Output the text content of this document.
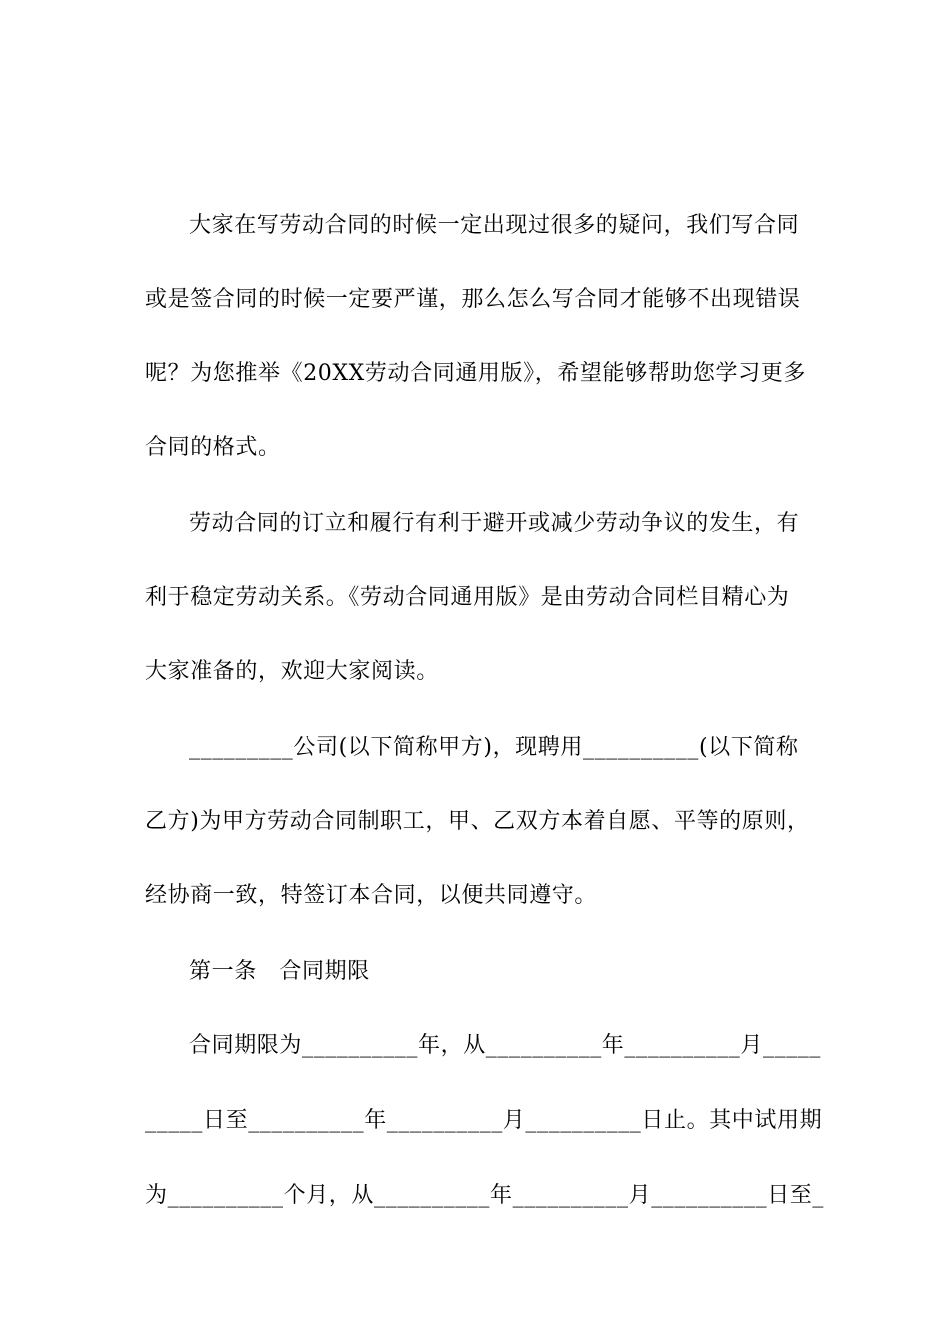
大家在写劳动合同的时候一定出现过很多的疑问，我们写合同
或是签合同的时候一定要严谨，那么怎么写合同才能够不出现错误
呢？为您推举《20XX劳动合同通用版》，希望能够帮助您学习更多
合同的格式。
劳动合同的订立和履行有利于避开或减少劳动争议的发生，有
利于稳定劳动关系。《劳动合同通用版》是由劳动合同栏目精心为
大家准备的，欢迎大家阅读。
_________公司(以下简称甲方)，现聘用__________(以下简称
乙方)为甲方劳动合同制职工，甲、乙双方本着自愿、平等的原则，
经协商一致，特签订本合同，以便共同遵守。
第一条　合同期限
合同期限为__________年，从__________年__________月_____
_____日至__________年__________月__________日止。其中试用期
为__________个月，从__________年__________月__________日至_
